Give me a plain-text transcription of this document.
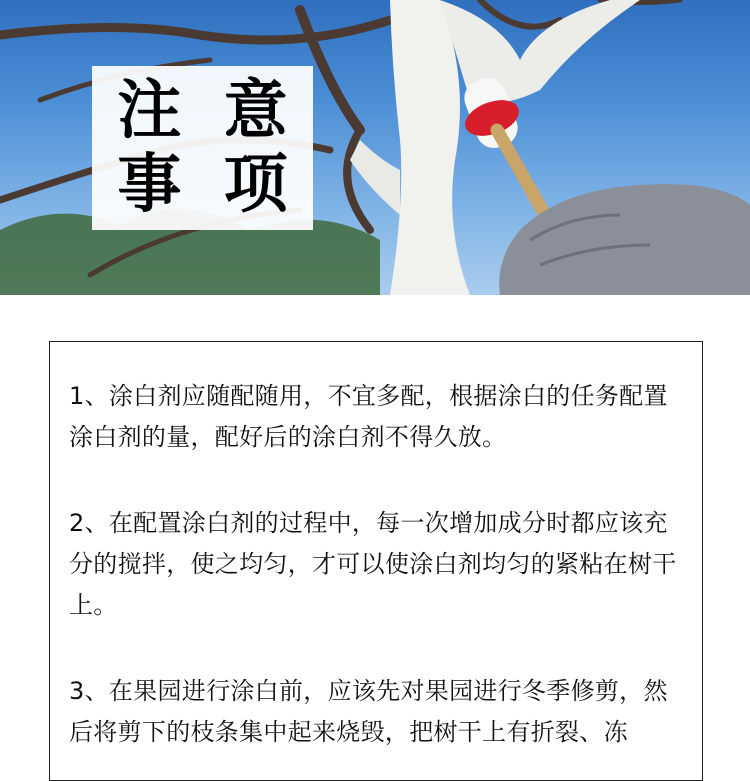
注 意
事 项

1、涂白剂应随配随用，不宜多配，根据涂白的任务配置涂白剂的量，配好后的涂白剂不得久放。

2、在配置涂白剂的过程中，每一次增加成分时都应该充分的搅拌，使之均匀，才可以使涂白剂均匀的紧粘在树干上。

3、在果园进行涂白前，应该先对果园进行冬季修剪，然后将剪下的枝条集中起来烧毁，把树干上有折裂、冻
